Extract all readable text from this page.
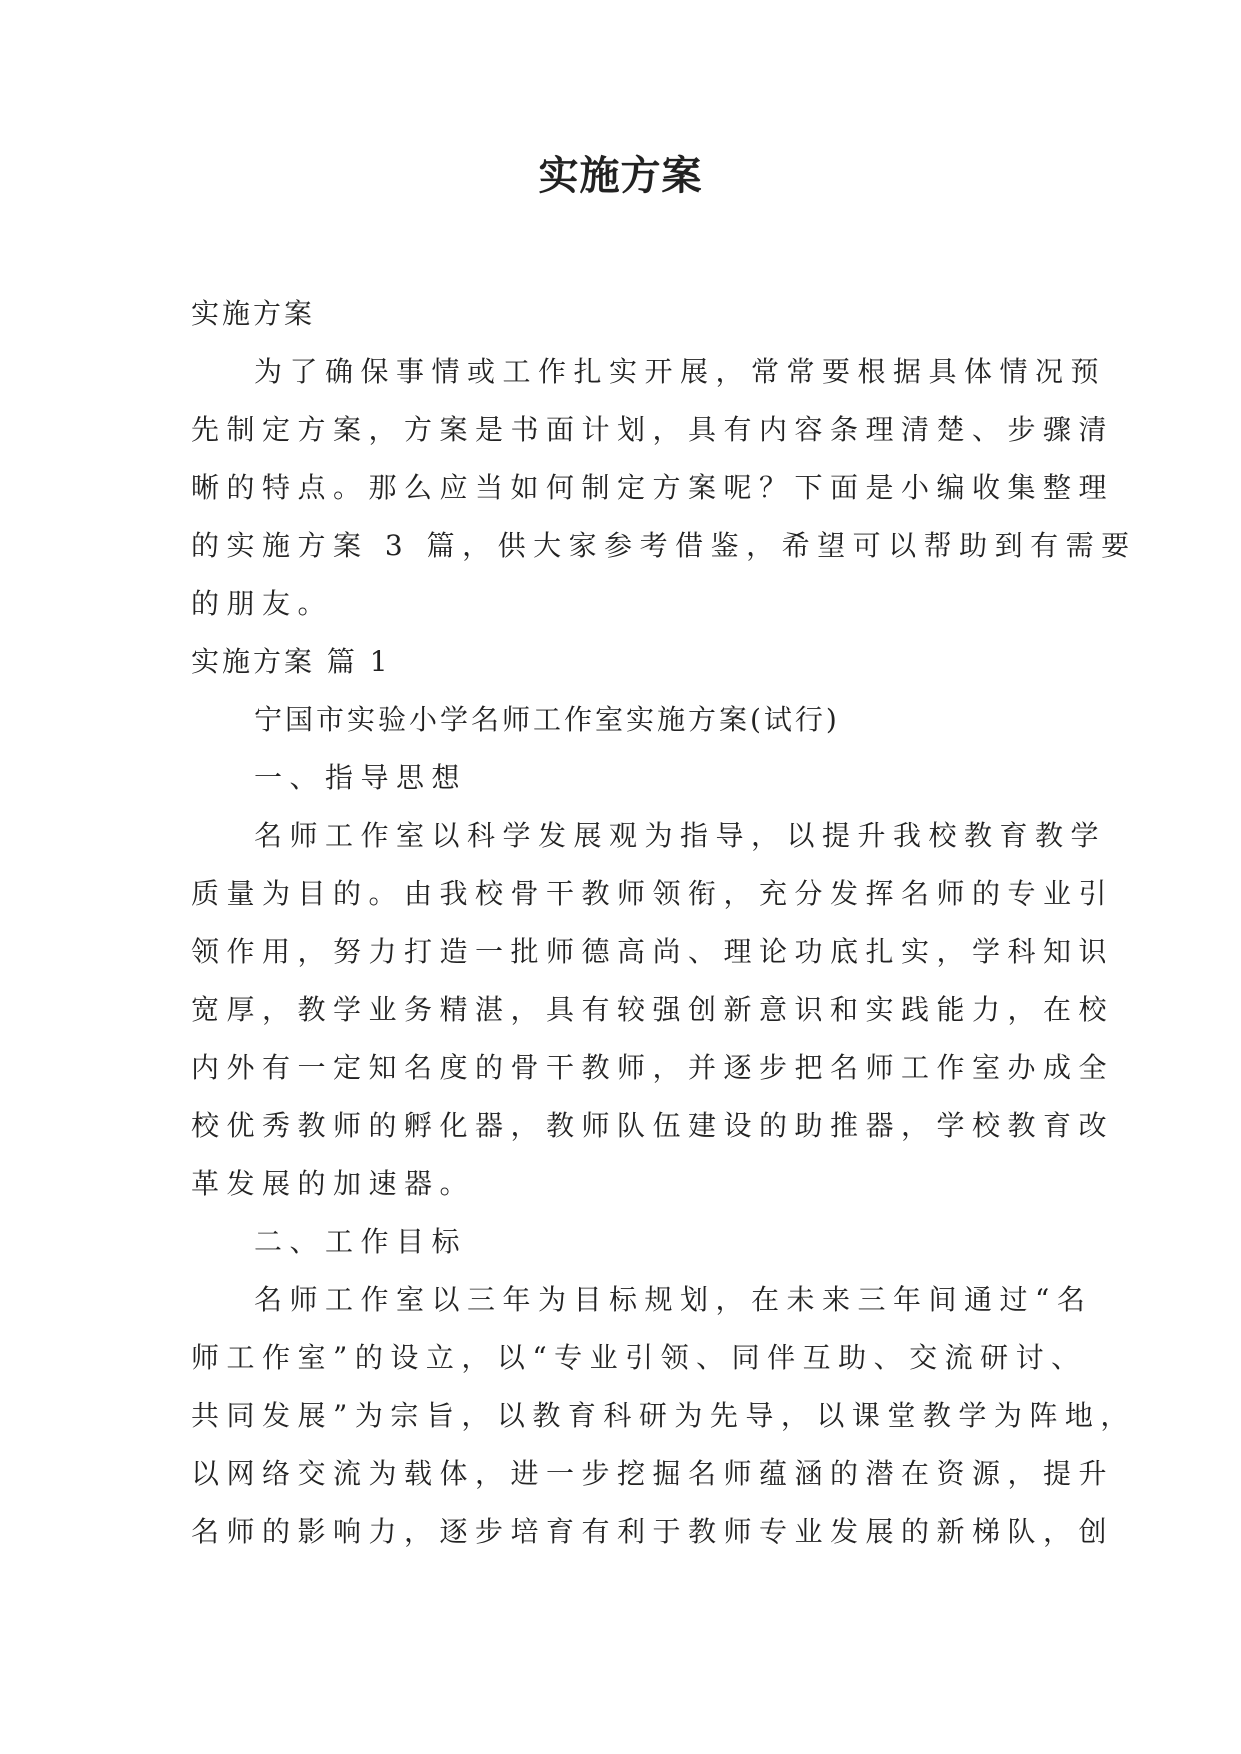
实施方案
实施方案
为了确保事情或工作扎实开展，常常要根据具体情况预
先制定方案，方案是书面计划，具有内容条理清楚、步骤清
晰的特点。那么应当如何制定方案呢？下面是小编收集整理
的实施方案 3 篇，供大家参考借鉴，希望可以帮助到有需要
的朋友。
实施方案 篇 1
宁国市实验小学名师工作室实施方案(试行)
一、指导思想
名师工作室以科学发展观为指导，以提升我校教育教学
质量为目的。由我校骨干教师领衔，充分发挥名师的专业引
领作用，努力打造一批师德高尚、理论功底扎实，学科知识
宽厚，教学业务精湛，具有较强创新意识和实践能力，在校
内外有一定知名度的骨干教师，并逐步把名师工作室办成全
校优秀教师的孵化器，教师队伍建设的助推器，学校教育改
革发展的加速器。
二、工作目标
名师工作室以三年为目标规划，在未来三年间通过“名
师工作室”的设立，以“专业引领、同伴互助、交流研讨、
共同发展”为宗旨，以教育科研为先导，以课堂教学为阵地，
以网络交流为载体，进一步挖掘名师蕴涵的潜在资源，提升
名师的影响力，逐步培育有利于教师专业发展的新梯队，创
